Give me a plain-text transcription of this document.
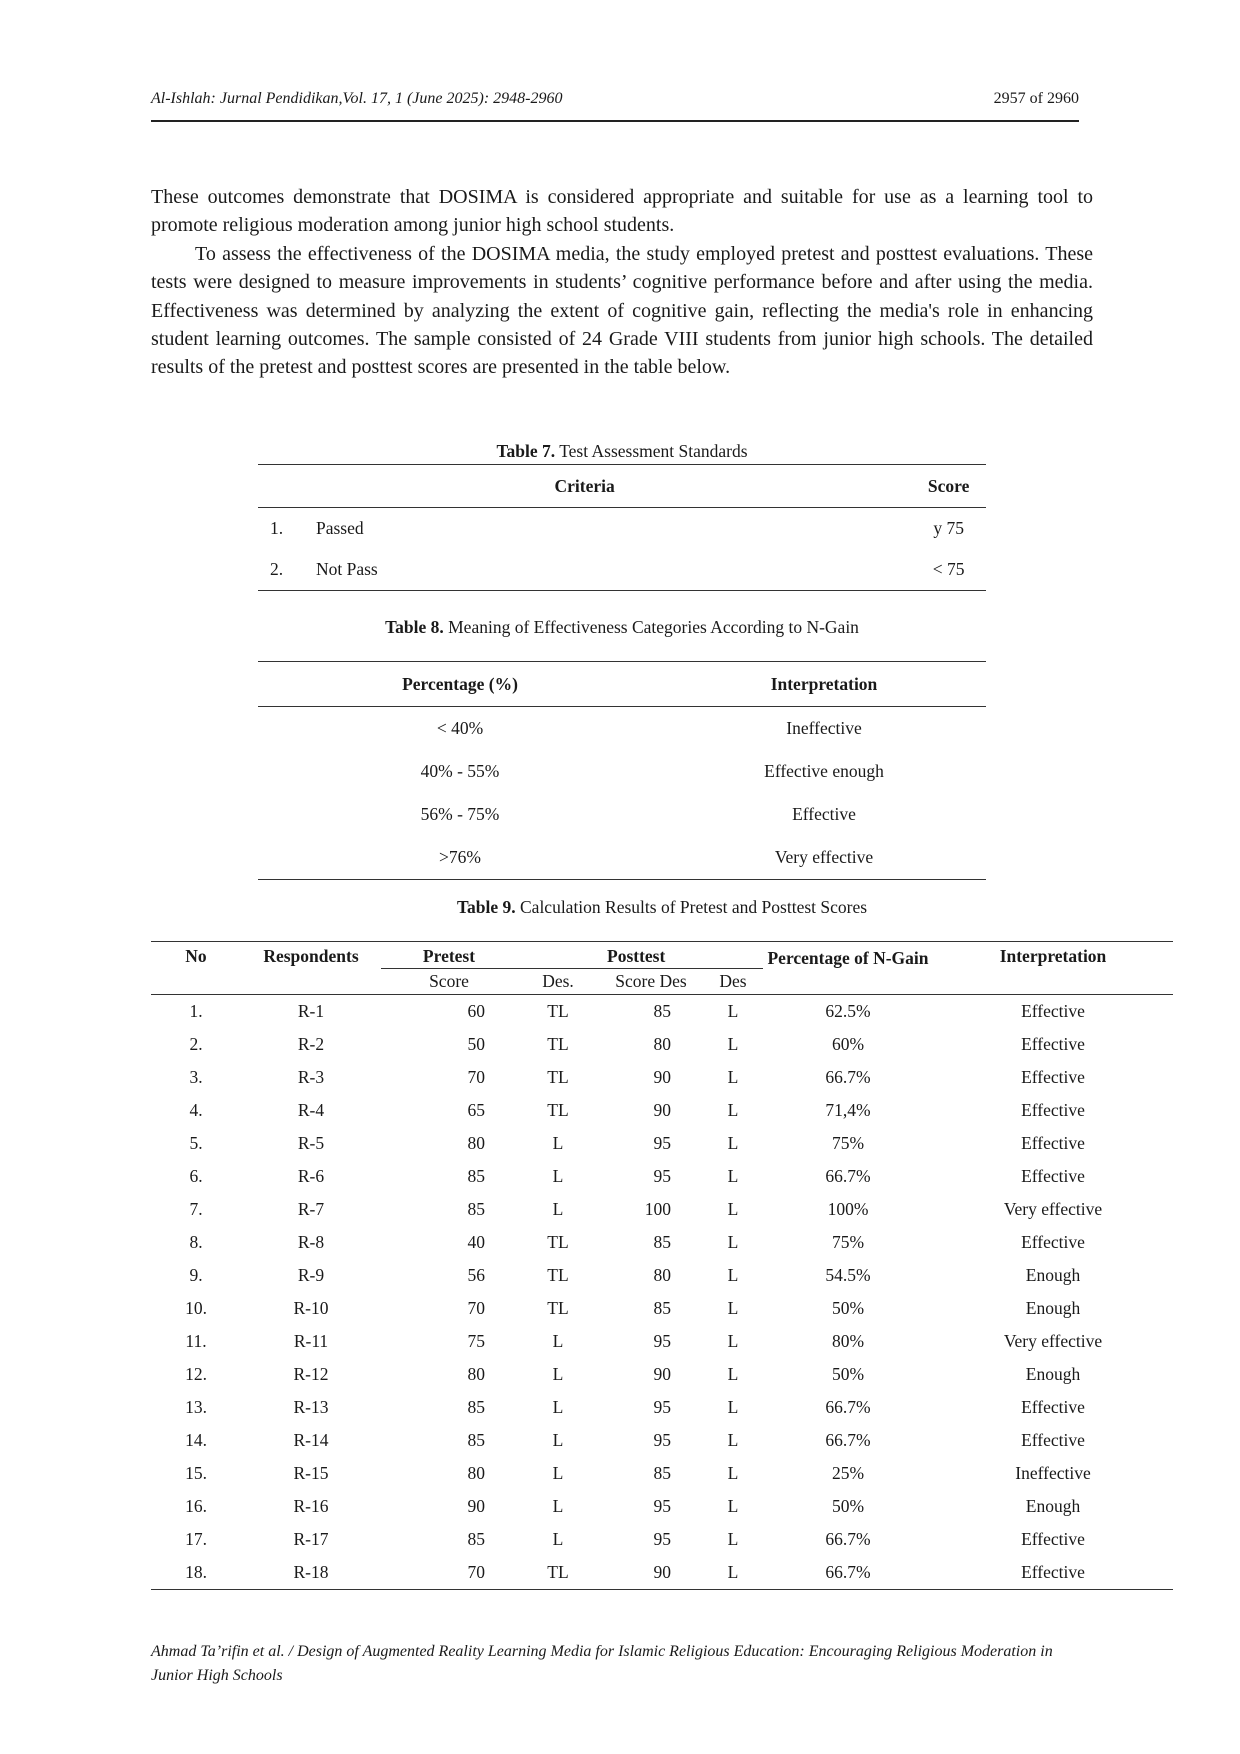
Al-Ishlah: Jurnal Pendidikan,Vol. 17, 1 (June 2025): 2948-2960	2957 of 2960

These outcomes demonstrate that DOSIMA is considered appropriate and suitable for use as a learning tool to promote religious moderation among junior high school students.

To assess the effectiveness of the DOSIMA media, the study employed pretest and posttest evaluations. These tests were designed to measure improvements in students’ cognitive performance before and after using the media. Effectiveness was determined by analyzing the extent of cognitive gain, reflecting the media's role in enhancing student learning outcomes. The sample consisted of 24 Grade VIII students from junior high schools. The detailed results of the pretest and posttest scores are presented in the table below.

Table 7. Test Assessment Standards
Criteria		Score
1.	Passed	y 75
2.	Not Pass	< 75
Table 8. Meaning of Effectiveness Categories According to N-Gain
Percentage (%)	Interpretation
< 40%	Ineffective
40% - 55%	Effective enough
56% - 75%	Effective
>76%	Very effective
Table 9. Calculation Results of Pretest and Posttest Scores
No	Respondents	Pretest		Posttest		Percentage of N-Gain	Interpretation
		Score	Des.	Score Des	Des		
1.	R-1	60	TL	85	L	62.5%	Effective
2.	R-2	50	TL	80	L	60%	Effective
3.	R-3	70	TL	90	L	66.7%	Effective
4.	R-4	65	TL	90	L	71,4%	Effective
5.	R-5	80	L	95	L	75%	Effective
6.	R-6	85	L	95	L	66.7%	Effective
7.	R-7	85	L	100	L	100%	Very effective
8.	R-8	40	TL	85	L	75%	Effective
9.	R-9	56	TL	80	L	54.5%	Enough
10.	R-10	70	TL	85	L	50%	Enough
11.	R-11	75	L	95	L	80%	Very effective
12.	R-12	80	L	90	L	50%	Enough
13.	R-13	85	L	95	L	66.7%	Effective
14.	R-14	85	L	95	L	66.7%	Effective
15.	R-15	80	L	85	L	25%	Ineffective
16.	R-16	90	L	95	L	50%	Enough
17.	R-17	85	L	95	L	66.7%	Effective
18.	R-18	70	TL	90	L	66.7%	Effective
Ahmad Ta’rifin et al. / Design of Augmented Reality Learning Media for Islamic Religious Education: Encouraging Religious Moderation in Junior High Schools
